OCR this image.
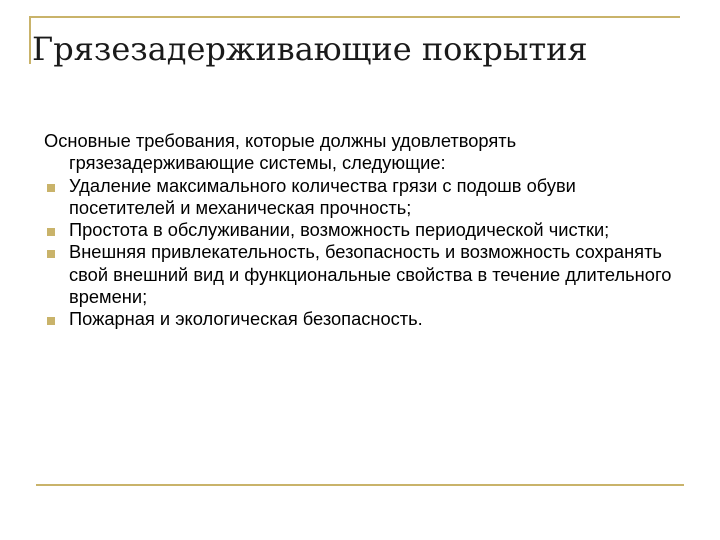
Грязезадерживающие покрытия

Основные требования, которые должны удовлетворять грязезадерживающие системы, следующие:

Удаление максимального количества грязи с подошв обуви посетителей и механическая прочность;
Простота в обслуживании, возможность периодической чистки;
Внешняя привлекательность, безопасность и возможность сохранять свой внешний вид и функциональные свойства в течение длительного времени;
Пожарная и экологическая безопасность.
